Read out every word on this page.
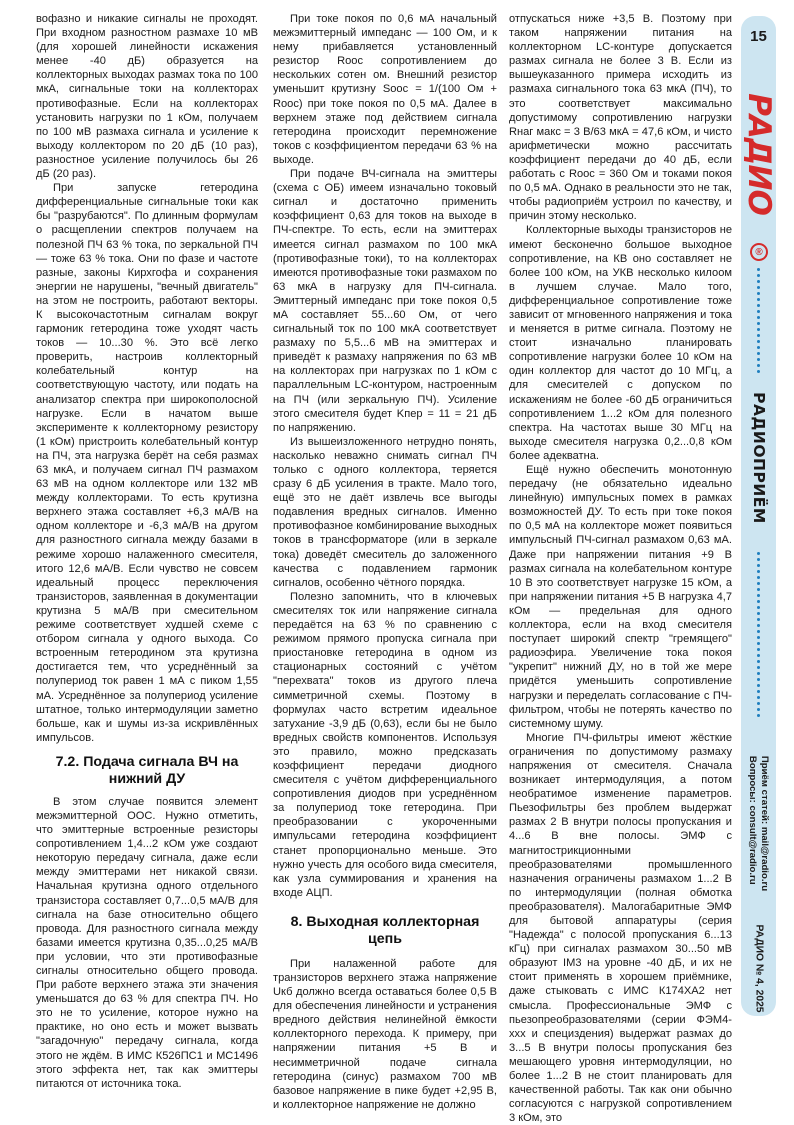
вофазно и никакие сигналы не проходят. При входном разностном размахе 10 мВ (для хорошей линейности искажения менее -40 дБ) образуется на коллекторных выходах размах тока по 100 мкА, сигнальные токи на коллекторах противофазные. Если на коллекторах установить нагрузки по 1 кОм, получаем по 100 мВ размаха сигнала и усиление к выходу коллектором по 20 дБ (10 раз), разностное усиление получилось бы 26 дБ (20 раз).

При запуске гетеродина дифференциальные сигнальные токи как бы "разрубаются". По длинным формулам о расщеплении спектров получаем на полезной ПЧ 63 % тока, по зеркальной ПЧ — тоже 63 % тока. Они по фазе и частоте разные, законы Кирхгофа и сохранения энергии не нарушены, "вечный двигатель" на этом не построить, работают векторы. К высокочастотным сигналам вокруг гармоник гетеродина тоже уходят часть токов — 10...30 %. Это всё легко проверить, настроив коллекторный колебательный контур на соответствующую частоту, или подать на анализатор спектра при широкополосной нагрузке. Если в начатом выше эксперименте к коллекторному резистору (1 кОм) пристроить колебательный контур на ПЧ, эта нагрузка берёт на себя размах 63 мкА, и получаем сигнал ПЧ размахом 63 мВ на одном коллекторе или 132 мВ между коллекторами. То есть крутизна верхнего этажа составляет +6,3 мА/В на одном коллекторе и -6,3 мА/В на другом для разностного сигнала между базами в режиме хорошо налаженного смесителя, итого 12,6 мА/В. Если чувство не совсем идеальный процесс переключения транзисторов, заявленная в документации крутизна 5 мА/В при смесительном режиме соответствует худшей схеме с отбором сигнала у одного выхода. Со встроенным гетеродином эта крутизна достигается тем, что усреднённый за полупериод ток равен 1 мА с пиком 1,55 мА. Усреднённое за полупериод усиление штатное, только интермодуляции заметно больше, как и шумы из-за искривлённых импульсов.

7.2. Подача сигнала ВЧ на нижний ДУ

В этом случае появится элемент межэмиттерной ООС. Нужно отметить, что эмиттерные встроенные резисторы сопротивлением 1,4...2 кОм уже создают некоторую передачу сигнала, даже если между эмиттерами нет никакой связи. Начальная крутизна одного отдельного транзистора составляет 0,7...0,5 мА/В для сигнала на базе относительно общего провода. Для разностного сигнала между базами имеется крутизна 0,35...0,25 мА/В при условии, что эти противофазные сигналы относительно общего провода. При работе верхнего этажа эти значения уменьшатся до 63 % для спектра ПЧ. Но это не то усиление, которое нужно на практике, но оно есть и может вызвать "загадочную" передачу сигнала, когда этого не ждём. В ИМС К526ПС1 и МС1496 этого эффекта нет, так как эмиттеры питаются от источника тока.

При токе покоя по 0,6 мА начальный межэмиттерный импеданс — 100 Ом, и к нему прибавляется установленный резистор Rоос сопротивлением до нескольких сотен ом. Внешний резистор уменьшит крутизну Sоос = 1/(100 Ом + Rоос) при токе покоя по 0,5 мА. Далее в верхнем этаже под действием сигнала гетеродина происходит перемножение токов с коэффициентом передачи 63 % на выходе.

При подаче ВЧ-сигнала на эмиттеры (схема с ОБ) имеем изначально токовый сигнал и достаточно применить коэффициент 0,63 для токов на выходе в ПЧ-спектре. То есть, если на эмиттерах имеется сигнал размахом по 100 мкА (противофазные токи), то на коллекторах имеются противофазные токи размахом по 63 мкА в нагрузку для ПЧ-сигнала. Эмиттерный импеданс при токе покоя 0,5 мА составляет 55...60 Ом, от чего сигнальный ток по 100 мкА соответствует размаху по 5,5...6 мВ на эмиттерах и приведёт к размаху напряжения по 63 мВ на коллекторах при нагрузках по 1 кОм с параллельным LC-контуром, настроенным на ПЧ (или зеркальную ПЧ). Усиление этого смесителя будет Kпер = 11 = 21 дБ по напряжению.

Из вышеизложенного нетрудно понять, насколько неважно снимать сигнал ПЧ только с одного коллектора, теряется сразу 6 дБ усиления в тракте. Мало того, ещё это не даёт извлечь все выгоды подавления вредных сигналов. Именно противофазное комбинирование выходных токов в трансформаторе (или в зеркале тока) доведёт смеситель до заложенного качества с подавлением гармоник сигналов, особенно чётного порядка.

Полезно запомнить, что в ключевых смесителях ток или напряжение сигнала передаётся на 63 % по сравнению с режимом прямого пропуска сигнала при приостановке гетеродина в одном из стационарных состояний с учётом "перехвата" токов из другого плеча симметричной схемы. Поэтому в формулах часто встретим идеальное затухание -3,9 дБ (0,63), если бы не было вредных свойств компонентов. Используя это правило, можно предсказать коэффициент передачи диодного смесителя с учётом дифференциального сопротивления диодов при усреднённом за полупериод токе гетеродина. При преобразовании с укороченными импульсами гетеродина коэффициент станет пропорционально меньше. Это нужно учесть для особого вида смесителя, как узла суммирования и хранения на входе АЦП.

8. Выходная коллекторная цепь

При налаженной работе для транзисторов верхнего этажа напряжение Uкб должно всегда оставаться более 0,5 В для обеспечения линейности и устранения вредного действия нелинейной ёмкости коллекторного перехода. К примеру, при напряжении питания +5 В и несимметричной подаче сигнала гетеродина (синус) размахом 700 мВ базовое напряжение в пике будет +2,95 В, и коллекторное напряжение не должно

отпускаться ниже +3,5 В. Поэтому при таком напряжении питания на коллекторном LC-контуре допускается размах сигнала не более 3 В. Если из вышеуказанного примера исходить из размаха сигнального тока 63 мкА (ПЧ), то это соответствует максимально допустимому сопротивлению нагрузки Rнаг макс = 3 В/63 мкА = 47,6 кОм, и чисто арифметически можно рассчитать коэффициент передачи до 40 дБ, если работать с Rоос = 360 Ом и токами покоя по 0,5 мА. Однако в реальности это не так, чтобы радиоприём устроил по качеству, и причин этому несколько.

Коллекторные выходы транзисторов не имеют бесконечно большое выходное сопротивление, на КВ оно составляет не более 100 кОм, на УКВ несколько килоом в лучшем случае. Мало того, дифференциальное сопротивление тоже зависит от мгновенного напряжения и тока и меняется в ритме сигнала. Поэтому не стоит изначально планировать сопротивление нагрузки более 10 кОм на один коллектор для частот до 10 МГц, а для смесителей с допуском по искажениям не более -60 дБ ограничиться сопротивлением 1...2 кОм для полезного спектра. На частотах выше 30 МГц на выходе смесителя нагрузка 0,2...0,8 кОм более адекватна.

Ещё нужно обеспечить монотонную передачу (не обязательно идеально линейную) импульсных помех в рамках возможностей ДУ. То есть при токе покоя по 0,5 мА на коллекторе может появиться импульсный ПЧ-сигнал размахом 0,63 мА. Даже при напряжении питания +9 В размах сигнала на колебательном контуре 10 В это соответствует нагрузке 15 кОм, а при напряжении питания +5 В нагрузка 4,7 кОм — предельная для одного коллектора, если на вход смесителя поступает широкий спектр "гремящего" радиоэфира. Увеличение тока покоя "укрепит" нижний ДУ, но в той же мере придётся уменьшить сопротивление нагрузки и переделать согласование с ПЧ-фильтром, чтобы не потерять качество по системному шуму.

Многие ПЧ-фильтры имеют жёсткие ограничения по допустимому размаху напряжения от смесителя. Сначала возникает интермодуляция, а потом необратимое изменение параметров. Пьезофильтры без проблем выдержат размах 2 В внутри полосы пропускания и 4...6 В вне полосы. ЭМФ с магнитострикционными преобразователями промышленного назначения ограничены размахом 1...2 В по интермодуляции (полная обмотка преобразователя). Малогабаритные ЭМФ для бытовой аппаратуры (серия "Надежда" с полосой пропускания 6...13 кГц) при сигналах размахом 30...50 мВ образуют IM3 на уровне -40 дБ, и их не стоит применять в хорошем приёмнике, даже стыковать с ИМС К174ХА2 нет смысла. Профессиональные ЭМФ с пьезопреобразователями (серии ФЭМ4-ххх и специздения) выдержат размах до 3...5 В внутри полосы пропускания без мешающего уровня интермодуляции, но более 1...2 В не стоит планировать для качественной работы. Так как они обычно согласуются с нагрузкой сопротивлением 3 кОм, это

15
РАДИО
®
РАДИОПРИЁМ
Приём статей: mail@radio.ru
Вопросы: consult@radio.ru
РАДИО № 4, 2025
